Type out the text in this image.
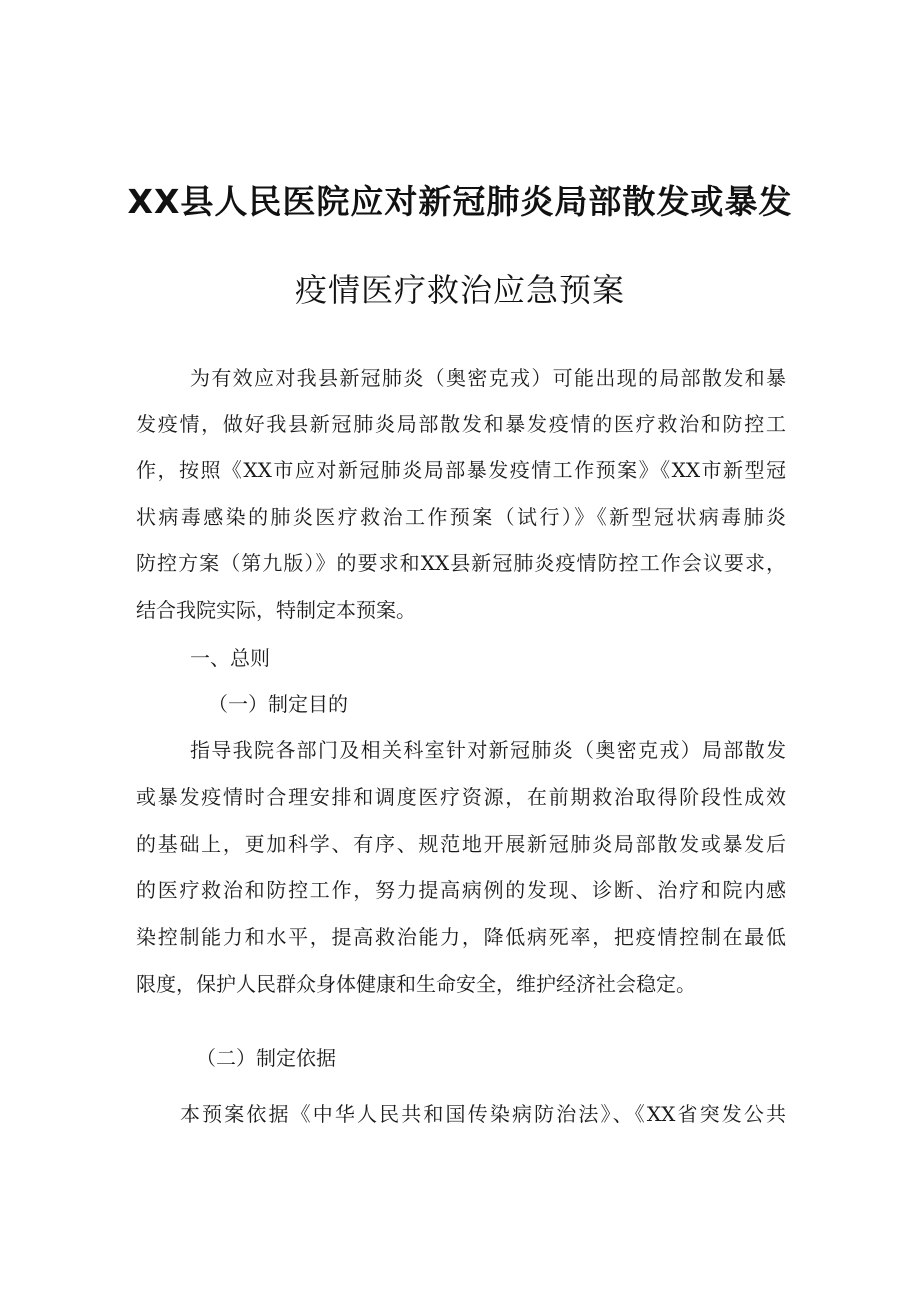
XX县人民医院应对新冠肺炎局部散发或暴发
疫情医疗救治应急预案
为有效应对我县新冠肺炎（奥密克戎）可能出现的局部散发和暴
发疫情，做好我县新冠肺炎局部散发和暴发疫情的医疗救治和防控工
作，按照《XX市应对新冠肺炎局部暴发疫情工作预案》《XX市新型冠
状病毒感染的肺炎医疗救治工作预案（试行）》《新型冠状病毒肺炎
防控方案（第九版）》的要求和XX县新冠肺炎疫情防控工作会议要求，
结合我院实际，特制定本预案。
一、总则
（一）制定目的
指导我院各部门及相关科室针对新冠肺炎（奥密克戎）局部散发
或暴发疫情时合理安排和调度医疗资源，在前期救治取得阶段性成效
的基础上，更加科学、有序、规范地开展新冠肺炎局部散发或暴发后
的医疗救治和防控工作，努力提高病例的发现、诊断、治疗和院内感
染控制能力和水平，提高救治能力，降低病死率，把疫情控制在最低
限度，保护人民群众身体健康和生命安全，维护经济社会稳定。
（二）制定依据
本预案依据《中华人民共和国传染病防治法》、《XX省突发公共
